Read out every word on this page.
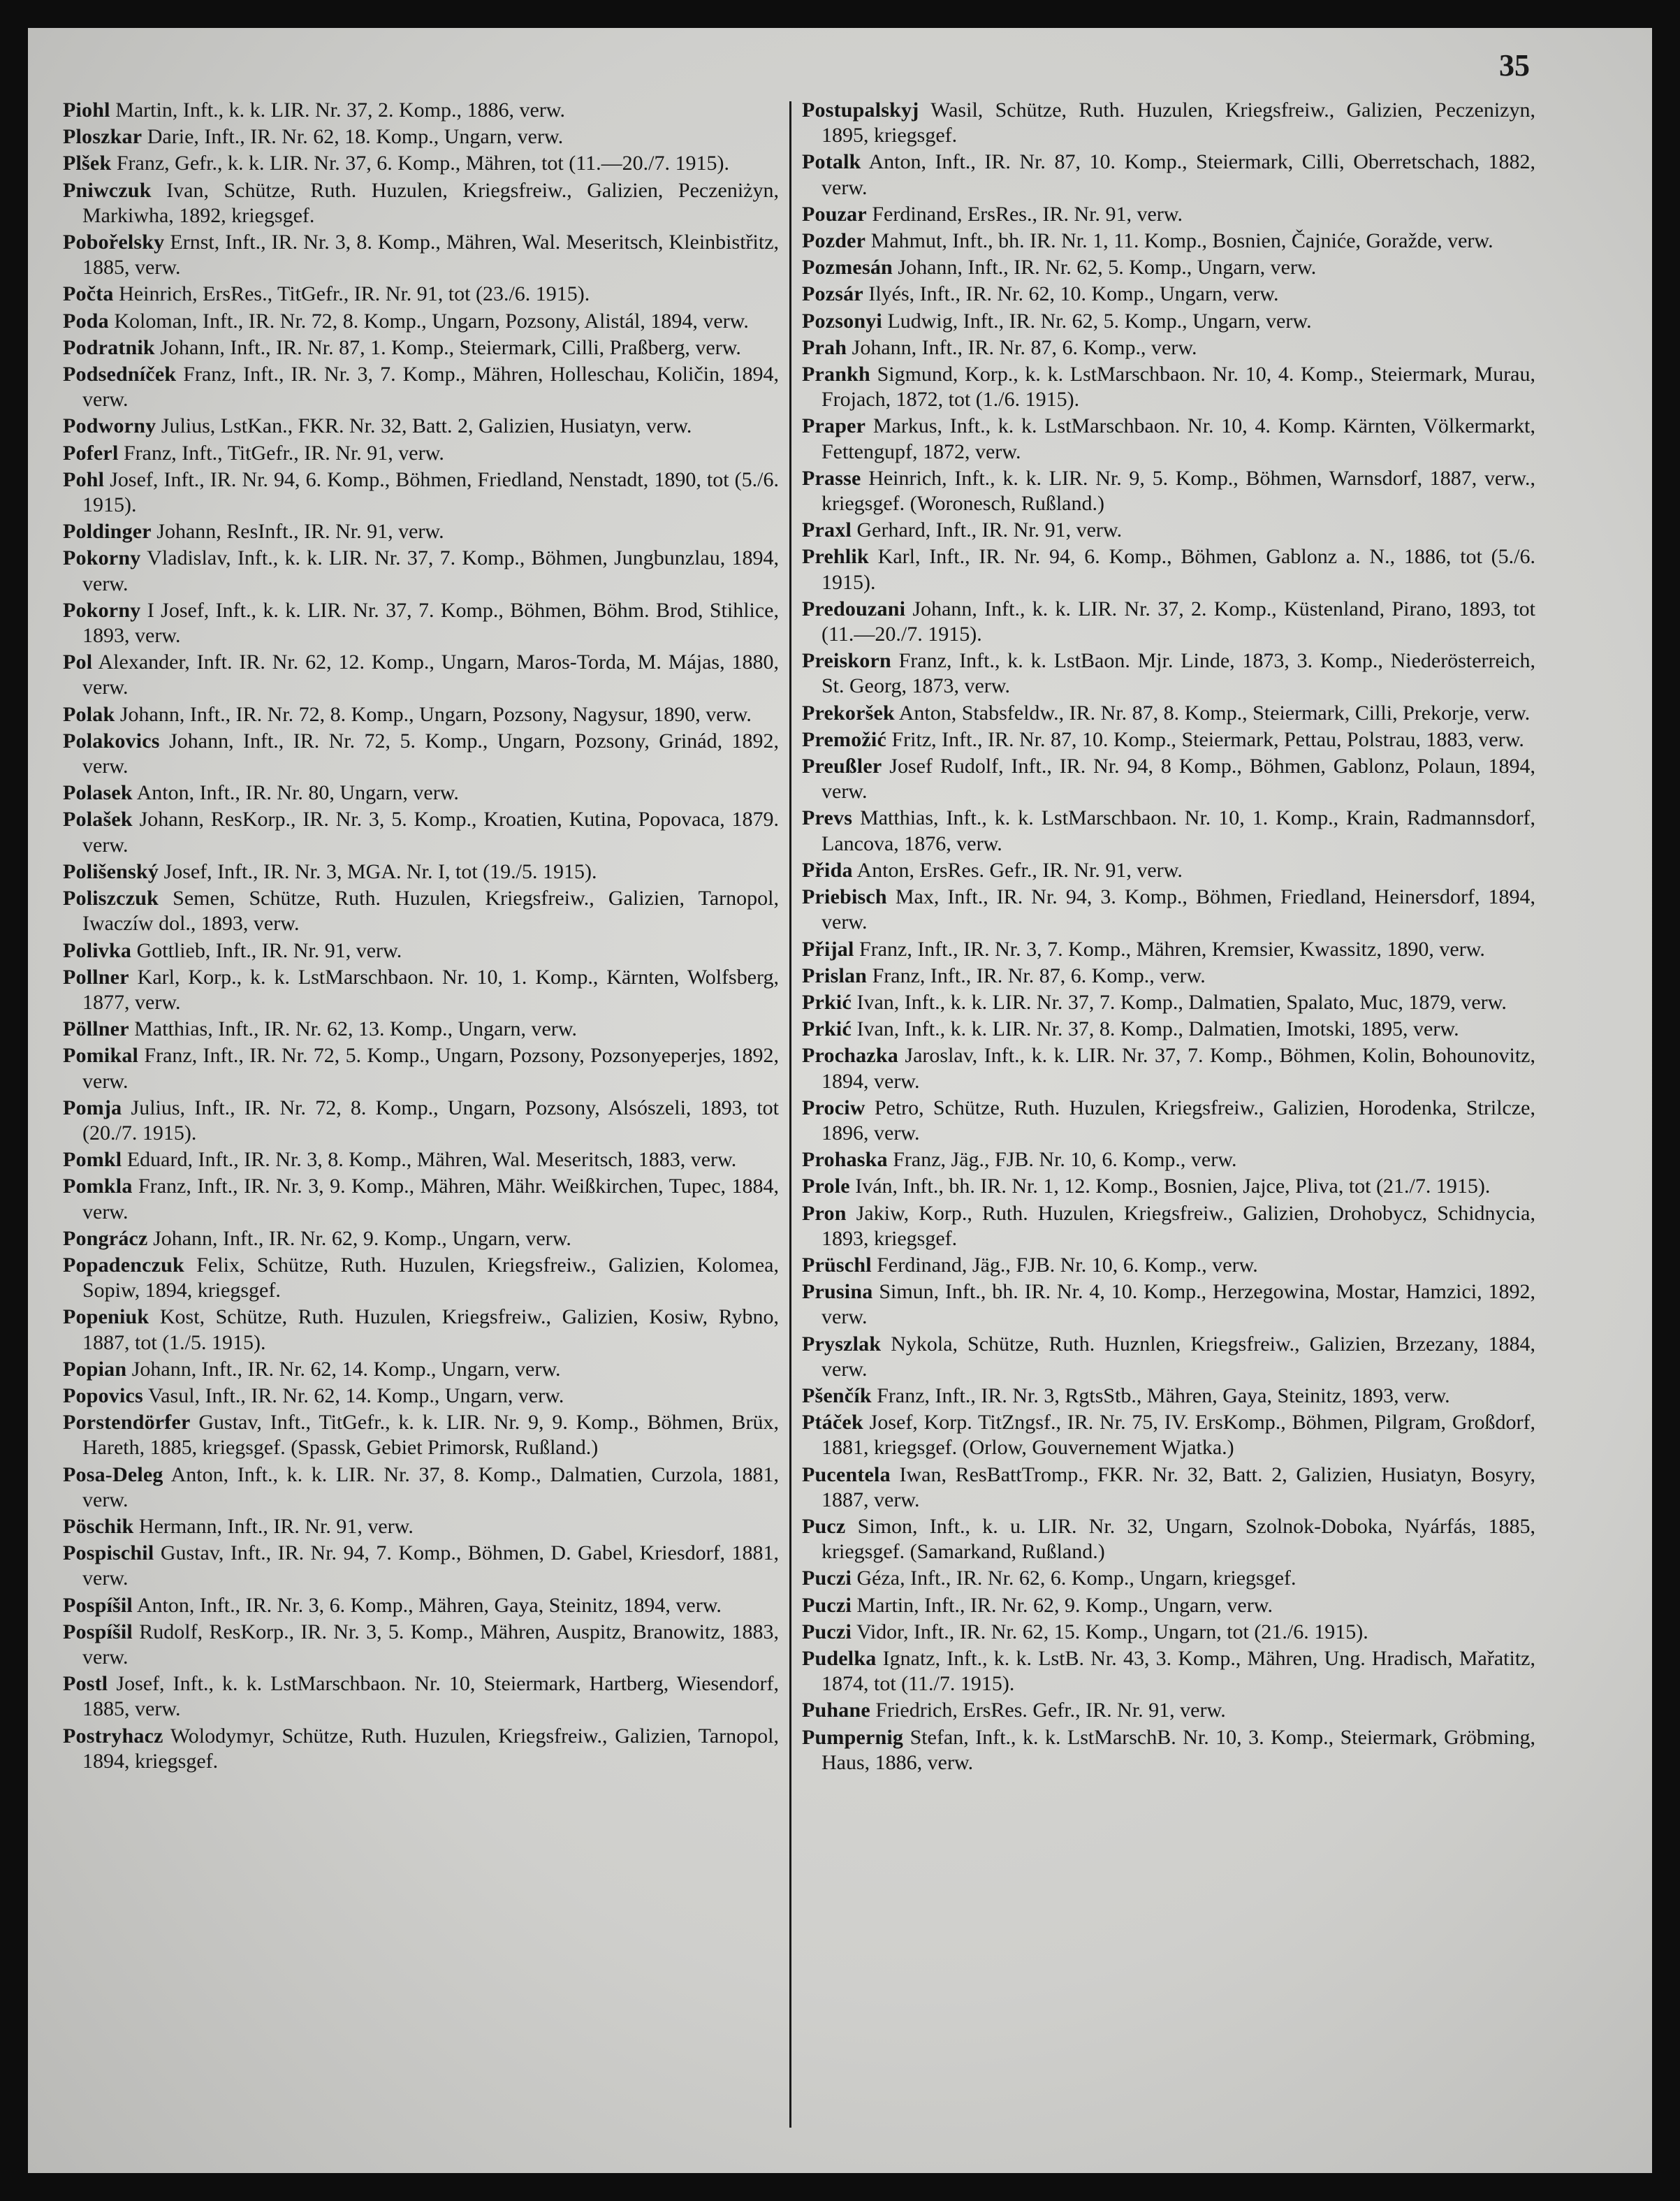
35
Piohl Martin, Inft., k. k. LIR. Nr. 37, 2. Komp., 1886, verw.
Ploszkar Darie, Inft., IR. Nr. 62, 18. Komp., Ungarn, verw.
Plšek Franz, Gefr., k. k. LIR. Nr. 37, 6. Komp., Mähren, tot (11.—20./7. 1915).
Pniwczuk Ivan, Schütze, Ruth. Huzulen, Kriegsfreiw., Galizien, Peczeniżyn, Markiwha, 1892, kriegsgef.
Pobořelsky Ernst, Inft., IR. Nr. 3, 8. Komp., Mähren, Wal. Meseritsch, Kleinbistřitz, 1885, verw.
Počta Heinrich, ErsRes., TitGefr., IR. Nr. 91, tot (23./6. 1915).
Poda Koloman, Inft., IR. Nr. 72, 8. Komp., Ungarn, Pozsony, Alistál, 1894, verw.
Podratnik Johann, Inft., IR. Nr. 87, 1. Komp., Steiermark, Cilli, Praßberg, verw.
Podsedníček Franz, Inft., IR. Nr. 3, 7. Komp., Mähren, Holleschau, Količin, 1894, verw.
Podworny Julius, LstKan., FKR. Nr. 32, Batt. 2, Galizien, Husiatyn, verw.
Poferl Franz, Inft., TitGefr., IR. Nr. 91, verw.
Pohl Josef, Inft., IR. Nr. 94, 6. Komp., Böhmen, Friedland, Nenstadt, 1890, tot (5./6. 1915).
Poldinger Johann, ResInft., IR. Nr. 91, verw.
Pokorny Vladislav, Inft., k. k. LIR. Nr. 37, 7. Komp., Böhmen, Jungbunzlau, 1894, verw.
Pokorny I Josef, Inft., k. k. LIR. Nr. 37, 7. Komp., Böhmen, Böhm. Brod, Stihlice, 1893, verw.
Pol Alexander, Inft. IR. Nr. 62, 12. Komp., Ungarn, Maros-Torda, M. Májas, 1880, verw.
Polak Johann, Inft., IR. Nr. 72, 8. Komp., Ungarn, Pozsony, Nagysur, 1890, verw.
Polakovics Johann, Inft., IR. Nr. 72, 5. Komp., Ungarn, Pozsony, Grinád, 1892, verw.
Polasek Anton, Inft., IR. Nr. 80, Ungarn, verw.
Polašek Johann, ResKorp., IR. Nr. 3, 5. Komp., Kroatien, Kutina, Popovaca, 1879. verw.
Polišenský Josef, Inft., IR. Nr. 3, MGA. Nr. I, tot (19./5. 1915).
Poliszczuk Semen, Schütze, Ruth. Huzulen, Kriegsfreiw., Galizien, Tarnopol, Iwaczíw dol., 1893, verw.
Polivka Gottlieb, Inft., IR. Nr. 91, verw.
Pollner Karl, Korp., k. k. LstMarschbaon. Nr. 10, 1. Komp., Kärnten, Wolfsberg, 1877, verw.
Pöllner Matthias, Inft., IR. Nr. 62, 13. Komp., Ungarn, verw.
Pomikal Franz, Inft., IR. Nr. 72, 5. Komp., Ungarn, Pozsony, Pozsonyeperjes, 1892, verw.
Pomja Julius, Inft., IR. Nr. 72, 8. Komp., Ungarn, Pozsony, Alsószeli, 1893, tot (20./7. 1915).
Pomkl Eduard, Inft., IR. Nr. 3, 8. Komp., Mähren, Wal. Meseritsch, 1883, verw.
Pomkla Franz, Inft., IR. Nr. 3, 9. Komp., Mähren, Mähr. Weißkirchen, Tupec, 1884, verw.
Pongrácz Johann, Inft., IR. Nr. 62, 9. Komp., Ungarn, verw.
Popadenczuk Felix, Schütze, Ruth. Huzulen, Kriegsfreiw., Galizien, Kolomea, Sopiw, 1894, kriegsgef.
Popeniuk Kost, Schütze, Ruth. Huzulen, Kriegsfreiw., Galizien, Kosiw, Rybno, 1887, tot (1./5. 1915).
Popian Johann, Inft., IR. Nr. 62, 14. Komp., Ungarn, verw.
Popovics Vasul, Inft., IR. Nr. 62, 14. Komp., Ungarn, verw.
Porstendörfer Gustav, Inft., TitGefr., k. k. LIR. Nr. 9, 9. Komp., Böhmen, Brüx, Hareth, 1885, kriegsgef. (Spassk, Gebiet Primorsk, Rußland.)
Posa-Deleg Anton, Inft., k. k. LIR. Nr. 37, 8. Komp., Dalmatien, Curzola, 1881, verw.
Pöschik Hermann, Inft., IR. Nr. 91, verw.
Pospischil Gustav, Inft., IR. Nr. 94, 7. Komp., Böhmen, D. Gabel, Kriesdorf, 1881, verw.
Pospíšil Anton, Inft., IR. Nr. 3, 6. Komp., Mähren, Gaya, Steinitz, 1894, verw.
Pospíšil Rudolf, ResKorp., IR. Nr. 3, 5. Komp., Mähren, Auspitz, Branowitz, 1883, verw.
Postl Josef, Inft., k. k. LstMarschbaon. Nr. 10, Steiermark, Hartberg, Wiesendorf, 1885, verw.
Postryhacz Wolodymyr, Schütze, Ruth. Huzulen, Kriegsfreiw., Galizien, Tarnopol, 1894, kriegsgef.
Postupalskyj Wasil, Schütze, Ruth. Huzulen, Kriegsfreiw., Galizien, Peczenizyn, 1895, kriegsgef.
Potalk Anton, Inft., IR. Nr. 87, 10. Komp., Steiermark, Cilli, Oberretschach, 1882, verw.
Pouzar Ferdinand, ErsRes., IR. Nr. 91, verw.
Pozder Mahmut, Inft., bh. IR. Nr. 1, 11. Komp., Bosnien, Čajniće, Goražde, verw.
Pozmesán Johann, Inft., IR. Nr. 62, 5. Komp., Ungarn, verw.
Pozsár Ilyés, Inft., IR. Nr. 62, 10. Komp., Ungarn, verw.
Pozsonyi Ludwig, Inft., IR. Nr. 62, 5. Komp., Ungarn, verw.
Prah Johann, Inft., IR. Nr. 87, 6. Komp., verw.
Prankh Sigmund, Korp., k. k. LstMarschbaon. Nr. 10, 4. Komp., Steiermark, Murau, Frojach, 1872, tot (1./6. 1915).
Praper Markus, Inft., k. k. LstMarschbaon. Nr. 10, 4. Komp. Kärnten, Völkermarkt, Fettengupf, 1872, verw.
Prasse Heinrich, Inft., k. k. LIR. Nr. 9, 5. Komp., Böhmen, Warnsdorf, 1887, verw., kriegsgef. (Woronesch, Rußland.)
Praxl Gerhard, Inft., IR. Nr. 91, verw.
Prehlik Karl, Inft., IR. Nr. 94, 6. Komp., Böhmen, Gablonz a. N., 1886, tot (5./6. 1915).
Predouzani Johann, Inft., k. k. LIR. Nr. 37, 2. Komp., Küstenland, Pirano, 1893, tot (11.—20./7. 1915).
Preiskorn Franz, Inft., k. k. LstBaon. Mjr. Linde, 1873, 3. Komp., Niederösterreich, St. Georg, 1873, verw.
Prekoršek Anton, Stabsfeldw., IR. Nr. 87, 8. Komp., Steiermark, Cilli, Prekorje, verw.
Premožić Fritz, Inft., IR. Nr. 87, 10. Komp., Steiermark, Pettau, Polstrau, 1883, verw.
Preußler Josef Rudolf, Inft., IR. Nr. 94, 8 Komp., Böhmen, Gablonz, Polaun, 1894, verw.
Prevs Matthias, Inft., k. k. LstMarschbaon. Nr. 10, 1. Komp., Krain, Radmannsdorf, Lancova, 1876, verw.
Přida Anton, ErsRes. Gefr., IR. Nr. 91, verw.
Priebisch Max, Inft., IR. Nr. 94, 3. Komp., Böhmen, Friedland, Heinersdorf, 1894, verw.
Přijal Franz, Inft., IR. Nr. 3, 7. Komp., Mähren, Kremsier, Kwassitz, 1890, verw.
Prislan Franz, Inft., IR. Nr. 87, 6. Komp., verw.
Prkić Ivan, Inft., k. k. LIR. Nr. 37, 7. Komp., Dalmatien, Spalato, Muc, 1879, verw.
Prkić Ivan, Inft., k. k. LIR. Nr. 37, 8. Komp., Dalmatien, Imotski, 1895, verw.
Prochazka Jaroslav, Inft., k. k. LIR. Nr. 37, 7. Komp., Böhmen, Kolin, Bohounovitz, 1894, verw.
Prociw Petro, Schütze, Ruth. Huzulen, Kriegsfreiw., Galizien, Horodenka, Strilcze, 1896, verw.
Prohaska Franz, Jäg., FJB. Nr. 10, 6. Komp., verw.
Prole Iván, Inft., bh. IR. Nr. 1, 12. Komp., Bosnien, Jajce, Pliva, tot (21./7. 1915).
Pron Jakiw, Korp., Ruth. Huzulen, Kriegsfreiw., Galizien, Drohobycz, Schidnycia, 1893, kriegsgef.
Prüschl Ferdinand, Jäg., FJB. Nr. 10, 6. Komp., verw.
Prusina Simun, Inft., bh. IR. Nr. 4, 10. Komp., Herzegowina, Mostar, Hamzici, 1892, verw.
Pryszlak Nykola, Schütze, Ruth. Huznlen, Kriegsfreiw., Galizien, Brzezany, 1884, verw.
Pšenčík Franz, Inft., IR. Nr. 3, RgtsStb., Mähren, Gaya, Steinitz, 1893, verw.
Ptáček Josef, Korp. TitZngsf., IR. Nr. 75, IV. ErsKomp., Böhmen, Pilgram, Großdorf, 1881, kriegsgef. (Orlow, Gouvernement Wjatka.)
Pucentela Iwan, ResBattTromp., FKR. Nr. 32, Batt. 2, Galizien, Husiatyn, Bosyry, 1887, verw.
Pucz Simon, Inft., k. u. LIR. Nr. 32, Ungarn, Szolnok-Doboka, Nyárfás, 1885, kriegsgef. (Samarkand, Rußland.)
Puczi Géza, Inft., IR. Nr. 62, 6. Komp., Ungarn, kriegsgef.
Puczi Martin, Inft., IR. Nr. 62, 9. Komp., Ungarn, verw.
Puczi Vidor, Inft., IR. Nr. 62, 15. Komp., Ungarn, tot (21./6. 1915).
Pudelka Ignatz, Inft., k. k. LstB. Nr. 43, 3. Komp., Mähren, Ung. Hradisch, Mařatitz, 1874, tot (11./7. 1915).
Puhane Friedrich, ErsRes. Gefr., IR. Nr. 91, verw.
Pumpernig Stefan, Inft., k. k. LstMarschB. Nr. 10, 3. Komp., Steiermark, Gröbming, Haus, 1886, verw.
